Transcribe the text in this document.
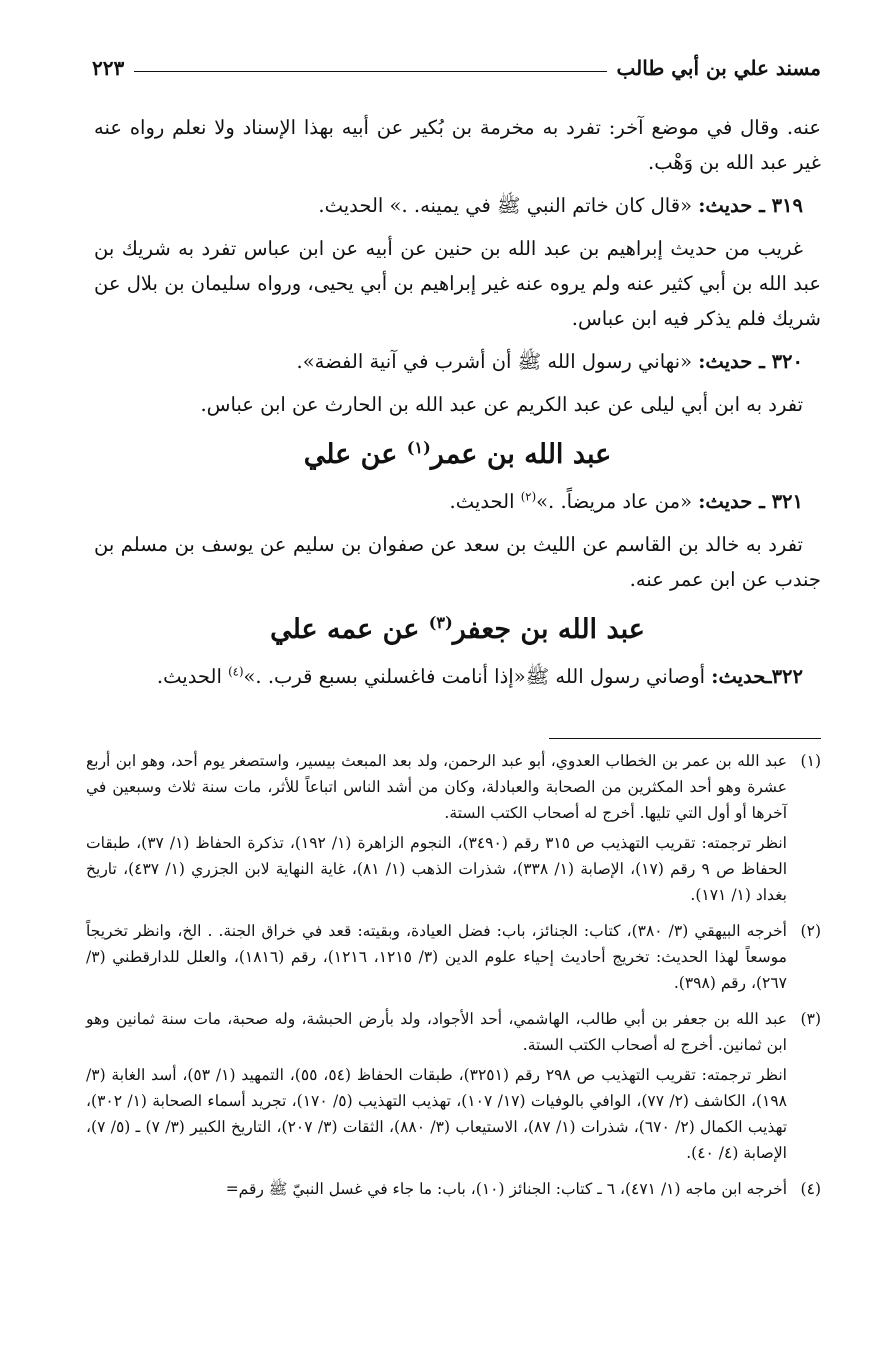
مسند علي بن أبي طالب
٢٢٣

عنه. وقال في موضع آخر: تفرد به مخرمة بن بُكير عن أبيه بهذا الإسناد ولا نعلم رواه عنه غير عبد الله بن وَهْب.

٣١٩ ـ حديث: «قال كان خاتم النبي ﷺ في يمينه. .» الحديث.

غريب من حديث إبراهيم بن عبد الله بن حنين عن أبيه عن ابن عباس تفرد به شريك بن عبد الله بن أبي كثير عنه ولم يروه عنه غير إبراهيم بن أبي يحيى، ورواه سليمان بن بلال عن شريك فلم يذكر فيه ابن عباس.

٣٢٠ ـ حديث: «نهاني رسول الله ﷺ أن أشرب في آنية الفضة».

تفرد به ابن أبي ليلى عن عبد الكريم عن عبد الله بن الحارث عن ابن عباس.

عبد الله بن عمر$^{(١)}$ عن علي

٣٢١ ـ حديث: «من عاد مريضاً. .»$^{(٢)}$ الحديث.

تفرد به خالد بن القاسم عن الليث بن سعد عن صفوان بن سليم عن يوسف بن مسلم بن جندب عن ابن عمر عنه.

عبد الله بن جعفر$^{(٣)}$ عن عمه علي

٣٢٢ـحديث: أوصاني رسول الله ﷺ«إذا أنامت فاغسلني بسبع قرب. .»$^{(٤)}$ الحديث.

(١)

عبد الله بن عمر بن الخطاب العدوي، أبو عبد الرحمن، ولد بعد المبعث بيسير، واستصغر يوم أحد، وهو ابن أربع عشرة وهو أحد المكثرين من الصحابة والعبادلة، وكان من أشد الناس اتباعاً للأثر، مات سنة ثلاث وسبعين في آخرها أو أول التي تليها. أخرج له أصحاب الكتب الستة.

انظر ترجمته: تقريب التهذيب ص ٣١٥ رقم (٣٤٩٠)، النجوم الزاهرة (١/ ١٩٢)، تذكرة الحفاظ (١/ ٣٧)، طبقات الحفاظ ص ٩ رقم (١٧)، الإصابة (١/ ٣٣٨)، شذرات الذهب (١/ ٨١)، غاية النهاية لابن الجزري (١/ ٤٣٧)، تاريخ بغداد (١/ ١٧١).

(٢)

أخرجه البيهقي (٣/ ٣٨٠)، كتاب: الجنائز، باب: فضل العيادة، وبقيته: قعد في خراق الجنة. . الخ، وانظر تخريجاً موسعاً لهذا الحديث: تخريج أحاديث إحياء علوم الدين (٣/ ١٢١٥، ١٢١٦)، رقم (١٨١٦)، والعلل للدارقطني (٣/ ٢٦٧)، رقم (٣٩٨).

(٣)

عبد الله بن جعفر بن أبي طالب، الهاشمي، أحد الأجواد، ولد بأرض الحبشة، وله صحبة، مات سنة ثمانين وهو ابن ثمانين. أخرج له أصحاب الكتب الستة.

انظر ترجمته: تقريب التهذيب ص ٢٩٨ رقم (٣٢٥١)، طبقات الحفاظ (٥٤، ٥٥)، التمهيد (١/ ٥٣)، أسد الغابة (٣/ ١٩٨)، الكاشف (٢/ ٧٧)، الوافي بالوفيات (١٧/ ١٠٧)، تهذيب التهذيب (٥/ ١٧٠)، تجريد أسماء الصحابة (١/ ٣٠٢)، تهذيب الكمال (٢/ ٦٧٠)، شذرات (١/ ٨٧)، الاستيعاب (٣/ ٨٨٠)، الثقات (٣/ ٢٠٧)، التاريخ الكبير (٣/ ٧) ـ (٥/ ٧)، الإصابة (٤/ ٤٠).

(٤)

أخرجه ابن ماجه (١/ ٤٧١)، ٦ ـ كتاب: الجنائز (١٠)، باب: ما جاء في غسل النبيّ ﷺ رقم=
